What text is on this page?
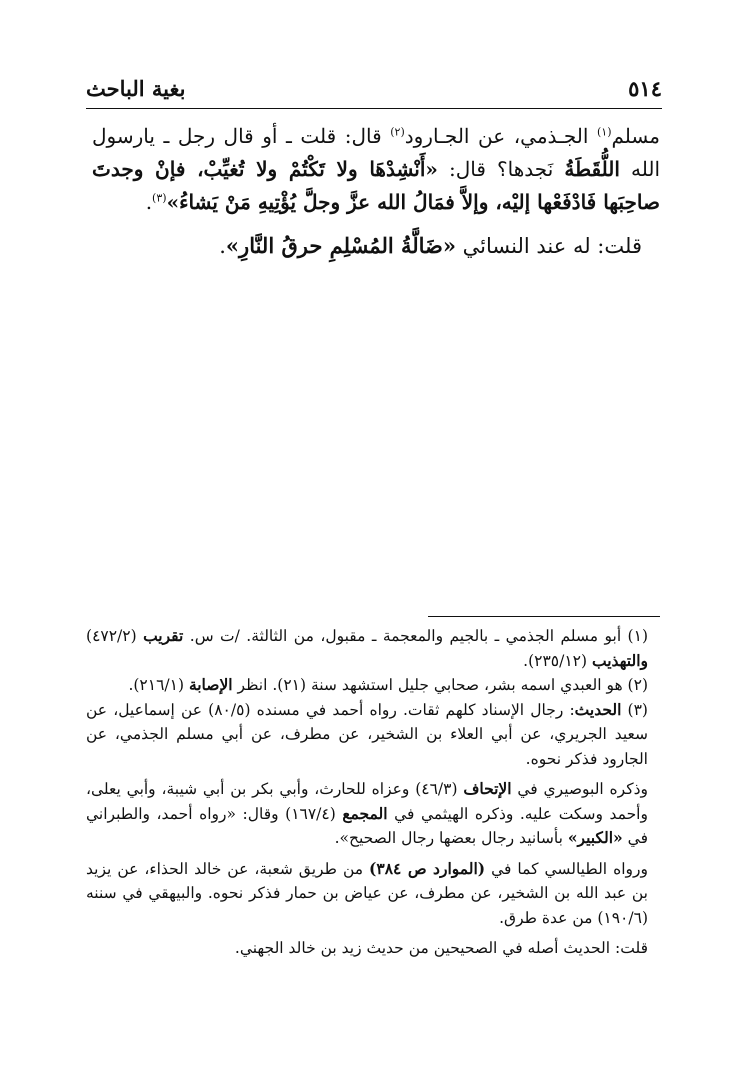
٥١٤
بغية الباحث

مسلم$^{(١)}$ الجـذمي، عن الجـارود$^{(٢)}$ قال: قلت ـ أو قال رجل ـ يارسول الله اللُّقَطَةُ نَجدها؟ قال: «أَنْشِدْهَا ولا تَكْتُمْ ولا تُغيِّبْ، فإنْ وجدتَ صاحِبَها فَادْفَعْها إليْه، وإلاَّ فمَالُ الله عزَّ وجلَّ يُؤْتِيهِ مَنْ يَشاءُ»$^{(٣)}$.

قلت: له عند النسائي «ضَالَّةُ المُسْلِمِ حرقُ النَّارِ».

(١) أبو مسلم الجذمي ـ بالجيم والمعجمة ـ مقبول، من الثالثة. /ت س. تقريب (٤٧٢/٢) والتهذيب (٢٣٥/١٢).

(٢) هو العبدي اسمه بشر، صحابي جليل استشهد سنة (٢١). انظر الإصابة (٢١٦/١).

(٣) الحديث: رجال الإسناد كلهم ثقات. رواه أحمد في مسنده (٨٠/٥) عن إسماعيل، عن سعيد الجريري، عن أبي العلاء بن الشخير، عن مطرف، عن أبي مسلم الجذمي، عن الجارود فذكر نحوه.

وذكره البوصيري في الإتحاف (٤٦/٣) وعزاه للحارث، وأبي بكر بن أبي شيبة، وأبي يعلى، وأحمد وسكت عليه. وذكره الهيثمي في المجمع (١٦٧/٤) وقال: «رواه أحمد، والطبراني في «الكبير» بأسانيد رجال بعضها رجال الصحيح».

ورواه الطيالسي كما في (الموارد ص ٣٨٤) من طريق شعبة، عن خالد الحذاء، عن يزيد بن عبد الله بن الشخير، عن مطرف، عن عياض بن حمار فذكر نحوه. والبيهقي في سننه (١٩٠/٦) من عدة طرق.

قلت: الحديث أصله في الصحيحين من حديث زيد بن خالد الجهني.
